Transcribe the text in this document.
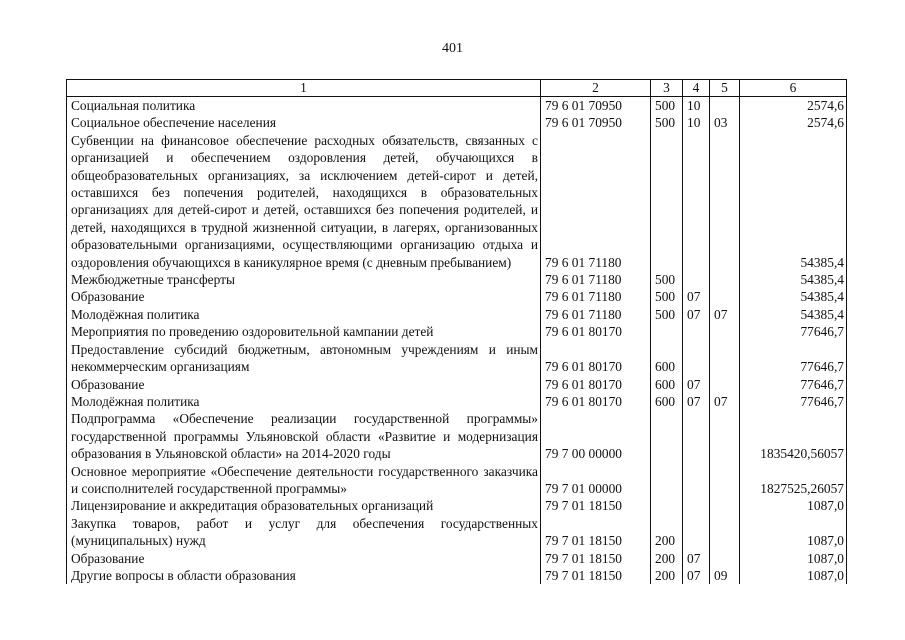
401
1	2	3	4	5	6
Социальная политика	79 6 01 70950	500	10		2574,6
Социальное обеспечение населения	79 6 01 70950	500	10	03	2574,6
Субвенции на финансовое обеспечение расходных обязательств, связанных с организацией и обеспечением оздоровления детей, обучающихся в общеобразовательных организациях, за исключением детей-сирот и детей, оставшихся без попечения родителей, находящихся в образовательных организациях для детей-сирот и детей, оставшихся без попечения родителей, и детей, находящихся в трудной жизненной ситуации, в лагерях, организованных образовательными организациями, осуществляющими организацию отдыха и оздоровления обучающихся в каникулярное время (с дневным пребыванием)	79 6 01 71180				54385,4
Межбюджетные трансферты	79 6 01 71180	500			54385,4
Образование	79 6 01 71180	500	07		54385,4
Молодёжная политика	79 6 01 71180	500	07	07	54385,4
Мероприятия по проведению оздоровительной кампании детей	79 6 01 80170				77646,7
Предоставление субсидий бюджетным, автономным учреждениям и иным некоммерческим организациям	79 6 01 80170	600			77646,7
Образование	79 6 01 80170	600	07		77646,7
Молодёжная политика	79 6 01 80170	600	07	07	77646,7
Подпрограмма «Обеспечение реализации государственной программы» государственной программы Ульяновской области «Развитие и модернизация образования в Ульяновской области» на 2014-2020 годы	79 7 00 00000				1835420,56057
Основное мероприятие «Обеспечение деятельности государственного заказчика и соисполнителей государственной программы»	79 7 01 00000				1827525,26057
Лицензирование и аккредитация образовательных организаций	79 7 01 18150				1087,0
Закупка товаров, работ и услуг для обеспечения государственных (муниципальных) нужд	79 7 01 18150	200			1087,0
Образование	79 7 01 18150	200	07		1087,0
Другие вопросы в области образования	79 7 01 18150	200	07	09	1087,0
